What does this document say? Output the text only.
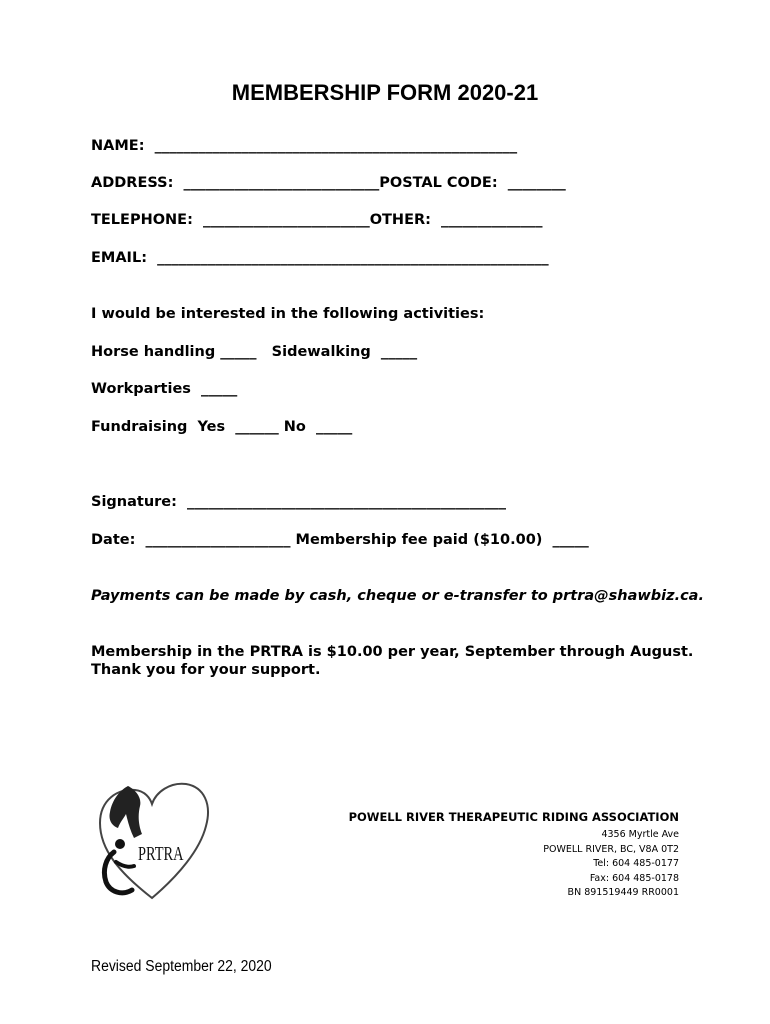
MEMBERSHIP FORM 2020-21
NAME:  __________________________________________________
ADDRESS:  ___________________________POSTAL CODE:  ________
TELEPHONE:  _______________________OTHER:  ______________
EMAIL:  ______________________________________________________
I would be interested in the following activities:
Horse handling _____   Sidewalking  _____
Workparties  _____
Fundraising  Yes  ______ No  _____
Signature:  ____________________________________________
Date:  ____________________ Membership fee paid ($10.00)  _____
Payments can be made by cash, cheque or e-transfer to prtra@shawbiz.ca.
Membership in the PRTRA is $10.00 per year, September through August.
Thank you for your support.
PRTRA
POWELL RIVER THERAPEUTIC RIDING ASSOCIATION
4356 Myrtle Ave
POWELL RIVER, BC, V8A 0T2
Tel: 604 485-0177
Fax: 604 485-0178
BN 891519449 RR0001
Revised September 22, 2020
